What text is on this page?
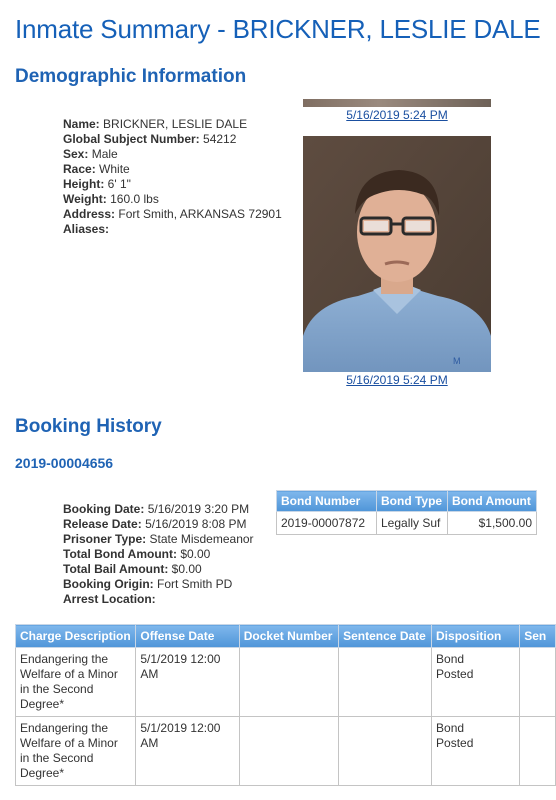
Inmate Summary - BRICKNER, LESLIE DALE
Demographic Information
Name: BRICKNER, LESLIE DALE
Global Subject Number: 54212
Sex: Male
Race: White
Height: 6' 1"
Weight: 160.0 lbs
Address: Fort Smith, ARKANSAS 72901
Aliases:
5/16/2019 5:24 PM
M
5/16/2019 5:24 PM
Booking History
2019-00004656
Booking Date: 5/16/2019 3:20 PM
Release Date: 5/16/2019 8:08 PM
Prisoner Type: State Misdemeanor
Total Bond Amount: $0.00
Total Bail Amount: $0.00
Booking Origin: Fort Smith PD
Arrest Location:
Bond Number	Bond Type	Bond Amount
2019-00007872	Legally Suf	$1,500.00
Charge Description	Offense Date	Docket Number	Sentence Date	Disposition	Sen
Endangering the
Welfare of a Minor
in the Second
Degree*	5/1/2019 12:00 AM			Bond
Posted	
Endangering the
Welfare of a Minor
in the Second
Degree*	5/1/2019 12:00 AM			Bond
Posted	
